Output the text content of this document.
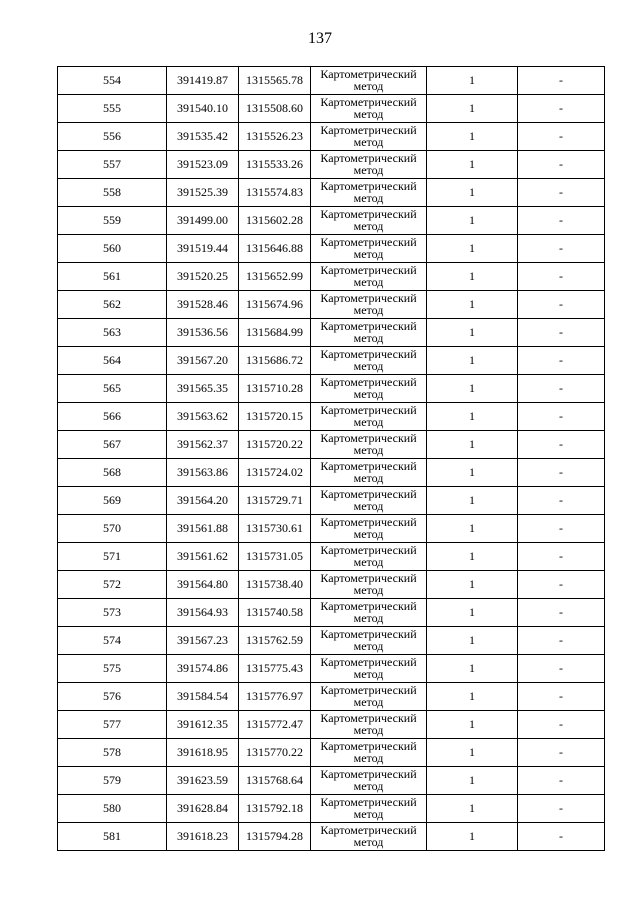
137
554	391419.87	1315565.78	Картометрический метод	1	-
555	391540.10	1315508.60	Картометрический метод	1	-
556	391535.42	1315526.23	Картометрический метод	1	-
557	391523.09	1315533.26	Картометрический метод	1	-
558	391525.39	1315574.83	Картометрический метод	1	-
559	391499.00	1315602.28	Картометрический метод	1	-
560	391519.44	1315646.88	Картометрический метод	1	-
561	391520.25	1315652.99	Картометрический метод	1	-
562	391528.46	1315674.96	Картометрический метод	1	-
563	391536.56	1315684.99	Картометрический метод	1	-
564	391567.20	1315686.72	Картометрический метод	1	-
565	391565.35	1315710.28	Картометрический метод	1	-
566	391563.62	1315720.15	Картометрический метод	1	-
567	391562.37	1315720.22	Картометрический метод	1	-
568	391563.86	1315724.02	Картометрический метод	1	-
569	391564.20	1315729.71	Картометрический метод	1	-
570	391561.88	1315730.61	Картометрический метод	1	-
571	391561.62	1315731.05	Картометрический метод	1	-
572	391564.80	1315738.40	Картометрический метод	1	-
573	391564.93	1315740.58	Картометрический метод	1	-
574	391567.23	1315762.59	Картометрический метод	1	-
575	391574.86	1315775.43	Картометрический метод	1	-
576	391584.54	1315776.97	Картометрический метод	1	-
577	391612.35	1315772.47	Картометрический метод	1	-
578	391618.95	1315770.22	Картометрический метод	1	-
579	391623.59	1315768.64	Картометрический метод	1	-
580	391628.84	1315792.18	Картометрический метод	1	-
581	391618.23	1315794.28	Картометрический метод	1	-
